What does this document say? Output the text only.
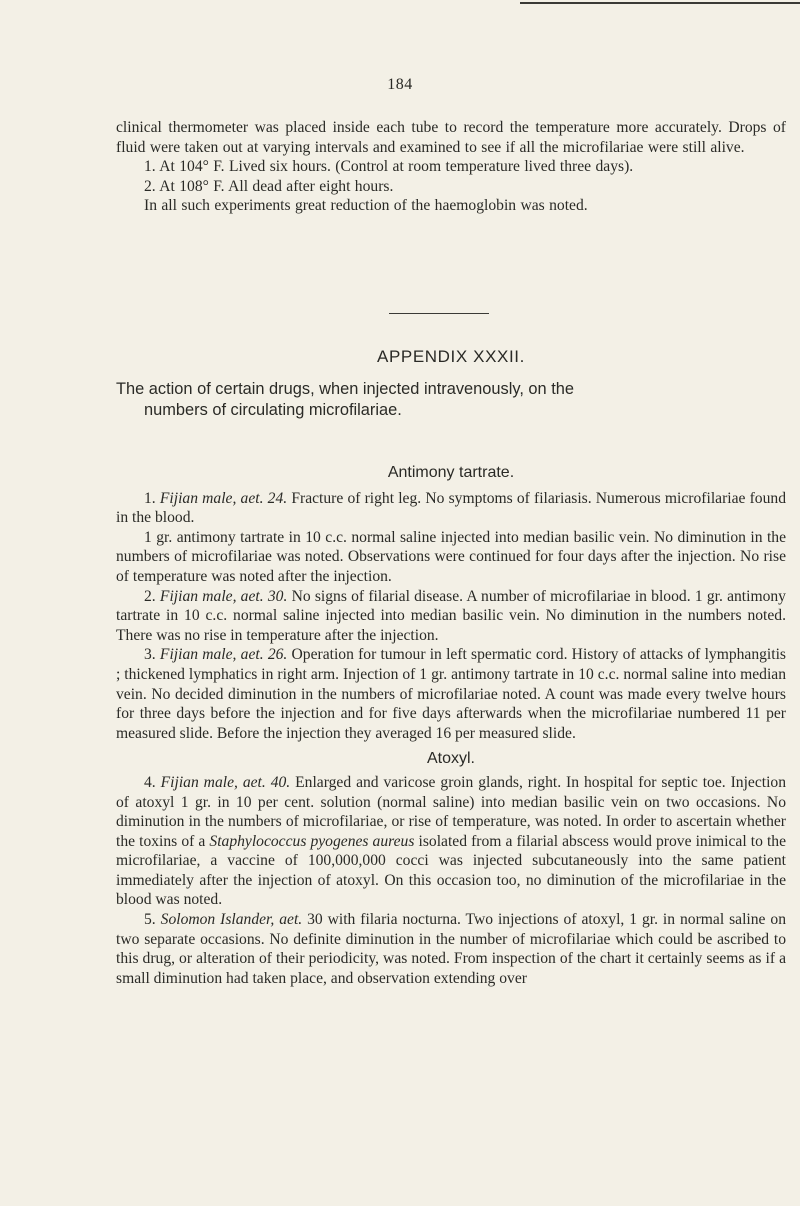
184

clinical thermometer was placed inside each tube to record the temperature more accurately. Drops of fluid were taken out at varying intervals and examined to see if all the microfilariae were still alive.

1. At 104° F. Lived six hours. (Control at room temperature lived three days).

2. At 108° F. All dead after eight hours.

In all such experiments great reduction of the haemoglobin was noted.

APPENDIX XXXII.

The action of certain drugs, when injected intravenously, on the
numbers of circulating microfilariae.

Antimony tartrate.

1. Fijian male, aet. 24. Fracture of right leg. No symptoms of filariasis. Numerous microfilariae found in the blood.

1 gr. antimony tartrate in 10 c.c. normal saline injected into median basilic vein. No diminution in the numbers of microfilariae was noted. Observations were continued for four days after the injection. No rise of temperature was noted after the injection.

2. Fijian male, aet. 30. No signs of filarial disease. A number of microfilariae in blood. 1 gr. antimony tartrate in 10 c.c. normal saline injected into median basilic vein. No diminution in the numbers noted. There was no rise in temperature after the injection.

3. Fijian male, aet. 26. Operation for tumour in left spermatic cord. History of attacks of lymphangitis ; thickened lymphatics in right arm. Injection of 1 gr. antimony tartrate in 10 c.c. normal saline into median vein. No decided diminution in the numbers of microfilariae noted. A count was made every twelve hours for three days before the injection and for five days afterwards when the microfilariae numbered 11 per measured slide. Before the injection they averaged 16 per measured slide.

Atoxyl.

4. Fijian male, aet. 40. Enlarged and varicose groin glands, right. In hospital for septic toe. Injection of atoxyl 1 gr. in 10 per cent. solution (normal saline) into median basilic vein on two occasions. No diminution in the numbers of microfilariae, or rise of temperature, was noted. In order to ascertain whether the toxins of a Staphylococcus pyogenes aureus isolated from a filarial abscess would prove inimical to the microfilariae, a vaccine of 100,000,000 cocci was injected subcutaneously into the same patient immediately after the injection of atoxyl. On this occasion too, no diminution of the microfilariae in the blood was noted.

5. Solomon Islander, aet. 30 with filaria nocturna. Two injections of atoxyl, 1 gr. in normal saline on two separate occasions. No definite diminution in the number of microfilariae which could be ascribed to this drug, or alteration of their periodicity, was noted. From inspection of the chart it certainly seems as if a small diminution had taken place, and observation extending over
